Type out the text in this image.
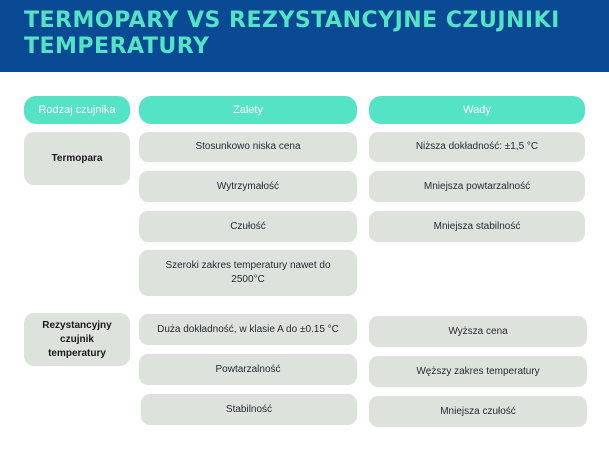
TERMOPARY VS REZYSTANCYJNE CZUJNIKI TEMPERATURY
Rodzaj czujnika	Zalety	Wady
Termopara
Stosunkowo niska cena
Wytrzymałość
Czułość
Szeroki zakres temperatury nawet do 2500°C
Niższa dokładność: ±1,5 °C
Mniejsza powtarzalność
Mniejsza stabilność
Rezystancyjny czujnik temperatury
Duża dokładność, w klasie A do ±0.15 °C
Powtarzalność
Stabilność
Wyższa cena
Węższy zakres temperatury
Mniejsza czułość
